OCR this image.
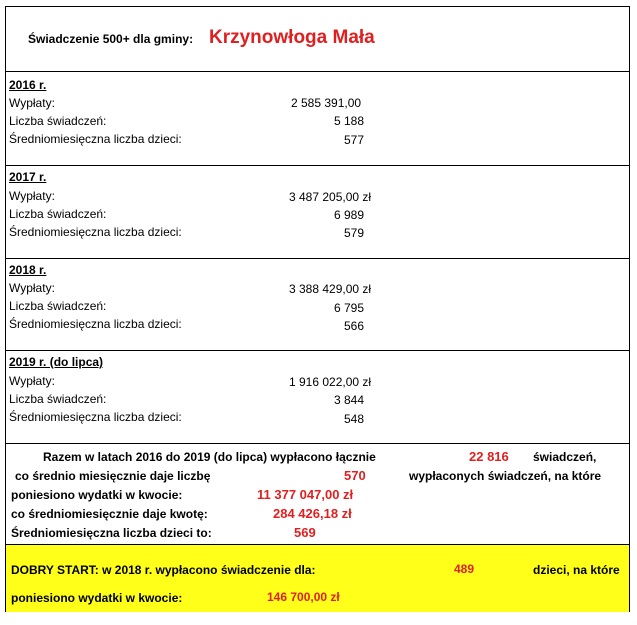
Świadczenie 500+ dla gminy: Krzynowłoga Mała
2016 r.
Wypłaty:	2 585 391,00
Liczba świadczeń:	5 188
Średniomiesięczna liczba dzieci:	577
2017 r.
Wypłaty:	3 487 205,00 zł
Liczba świadczeń:	6 989
Średniomiesięczna liczba dzieci:	579
2018 r.
Wypłaty:	3 388 429,00 zł
Liczba świadczeń:	6 795
Średniomiesięczna liczba dzieci:	566
2019 r. (do lipca)
Wypłaty:	1 916 022,00 zł
Liczba świadczeń:	3 844
Średniomiesięczna liczba dzieci:	548
Razem w latach 2016 do 2019 (do lipca) wypłacono łącznie	22 816 świadczeń,
co średnio miesięcznie daje liczbę	570	wypłaconych świadczeń, na które
poniesiono wydatki w kwocie:	11 377 047,00 zł
co średniomiesięcznie daje kwotę:	284 426,18 zł
Średniomiesięczna liczba dzieci to:	569
DOBRY START: w 2018 r. wypłacono świadczenie dla:	489	dzieci, na które
poniesiono wydatki w kwocie:	146 700,00 zł
